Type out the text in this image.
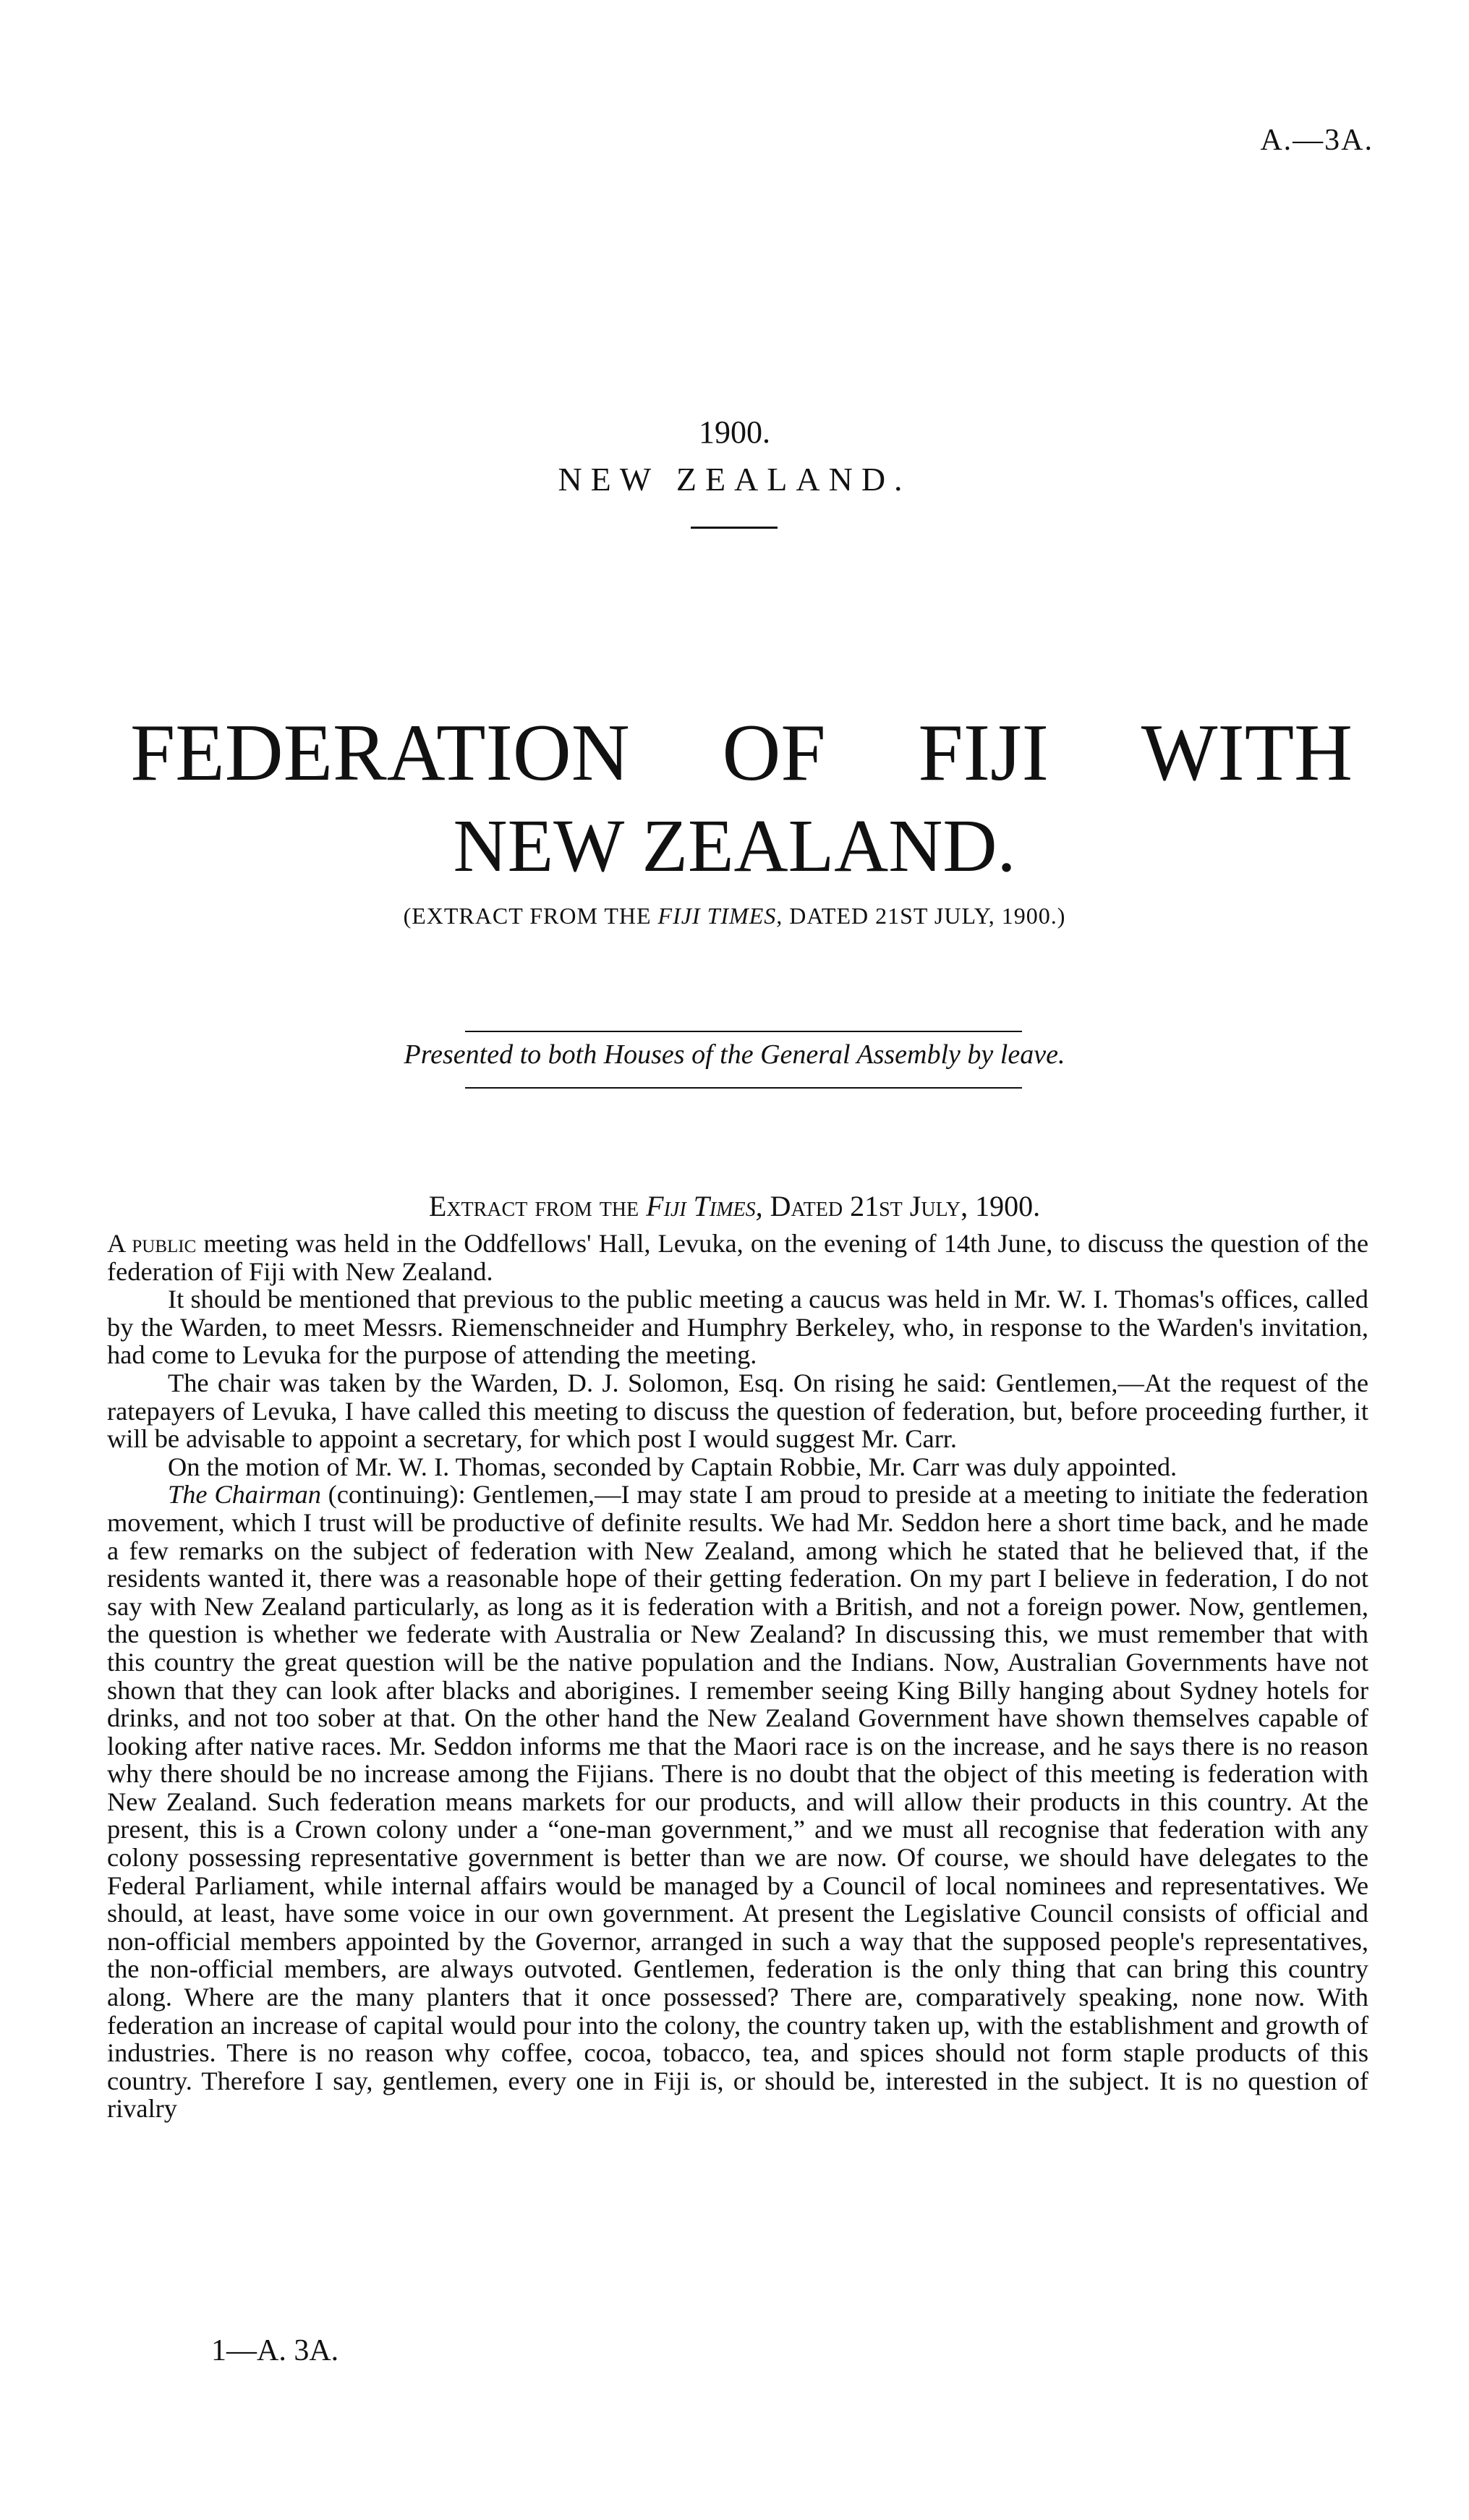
A.—3A.
1900.
NEW ZEALAND.
FEDERATION OF FIJI WITH
NEW ZEALAND.
(EXTRACT FROM THE FIJI TIMES, DATED 21ST JULY, 1900.)
Presented to both Houses of the General Assembly by leave.
Extract from the Fiji Times, Dated 21st July, 1900.

A public meeting was held in the Oddfellows' Hall, Levuka, on the evening of 14th June, to discuss the question of the federation of Fiji with New Zealand.

It should be mentioned that previous to the public meeting a caucus was held in Mr. W. I. Thomas's offices, called by the Warden, to meet Messrs. Riemenschneider and Humphry Berkeley, who, in response to the Warden's invitation, had come to Levuka for the purpose of attending the meeting.

The chair was taken by the Warden, D. J. Solomon, Esq. On rising he said: Gentlemen,—At the request of the ratepayers of Levuka, I have called this meeting to discuss the question of federation, but, before proceeding further, it will be advisable to appoint a secretary, for which post I would suggest Mr. Carr.

On the motion of Mr. W. I. Thomas, seconded by Captain Robbie, Mr. Carr was duly appointed.

The Chairman (continuing): Gentlemen,—I may state I am proud to preside at a meeting to initiate the federation movement, which I trust will be productive of definite results. We had Mr. Seddon here a short time back, and he made a few remarks on the subject of federation with New Zealand, among which he stated that he believed that, if the residents wanted it, there was a reasonable hope of their getting federation. On my part I believe in federation, I do not say with New Zealand particularly, as long as it is federation with a British, and not a foreign power. Now, gentlemen, the question is whether we federate with Australia or New Zealand? In discussing this, we must remember that with this country the great question will be the native population and the Indians. Now, Australian Governments have not shown that they can look after blacks and aborigines. I remember seeing King Billy hanging about Sydney hotels for drinks, and not too sober at that. On the other hand the New Zealand Government have shown themselves capable of looking after native races. Mr. Seddon informs me that the Maori race is on the increase, and he says there is no reason why there should be no increase among the Fijians. There is no doubt that the object of this meeting is federation with New Zealand. Such federation means markets for our products, and will allow their products in this country. At the present, this is a Crown colony under a “one-man government,” and we must all recognise that federation with any colony possessing representative government is better than we are now. Of course, we should have delegates to the Federal Parliament, while internal affairs would be managed by a Council of local nominees and representatives. We should, at least, have some voice in our own government. At present the Legislative Council consists of official and non-official members appointed by the Governor, arranged in such a way that the supposed people's representatives, the non-official members, are always outvoted. Gentlemen, federation is the only thing that can bring this country along. Where are the many planters that it once possessed? There are, comparatively speaking, none now. With federation an increase of capital would pour into the colony, the country taken up, with the establishment and growth of industries. There is no reason why coffee, cocoa, tobacco, tea, and spices should not form staple products of this country. Therefore I say, gentlemen, every one in Fiji is, or should be, interested in the subject. It is no question of rivalry

1—A. 3A.
